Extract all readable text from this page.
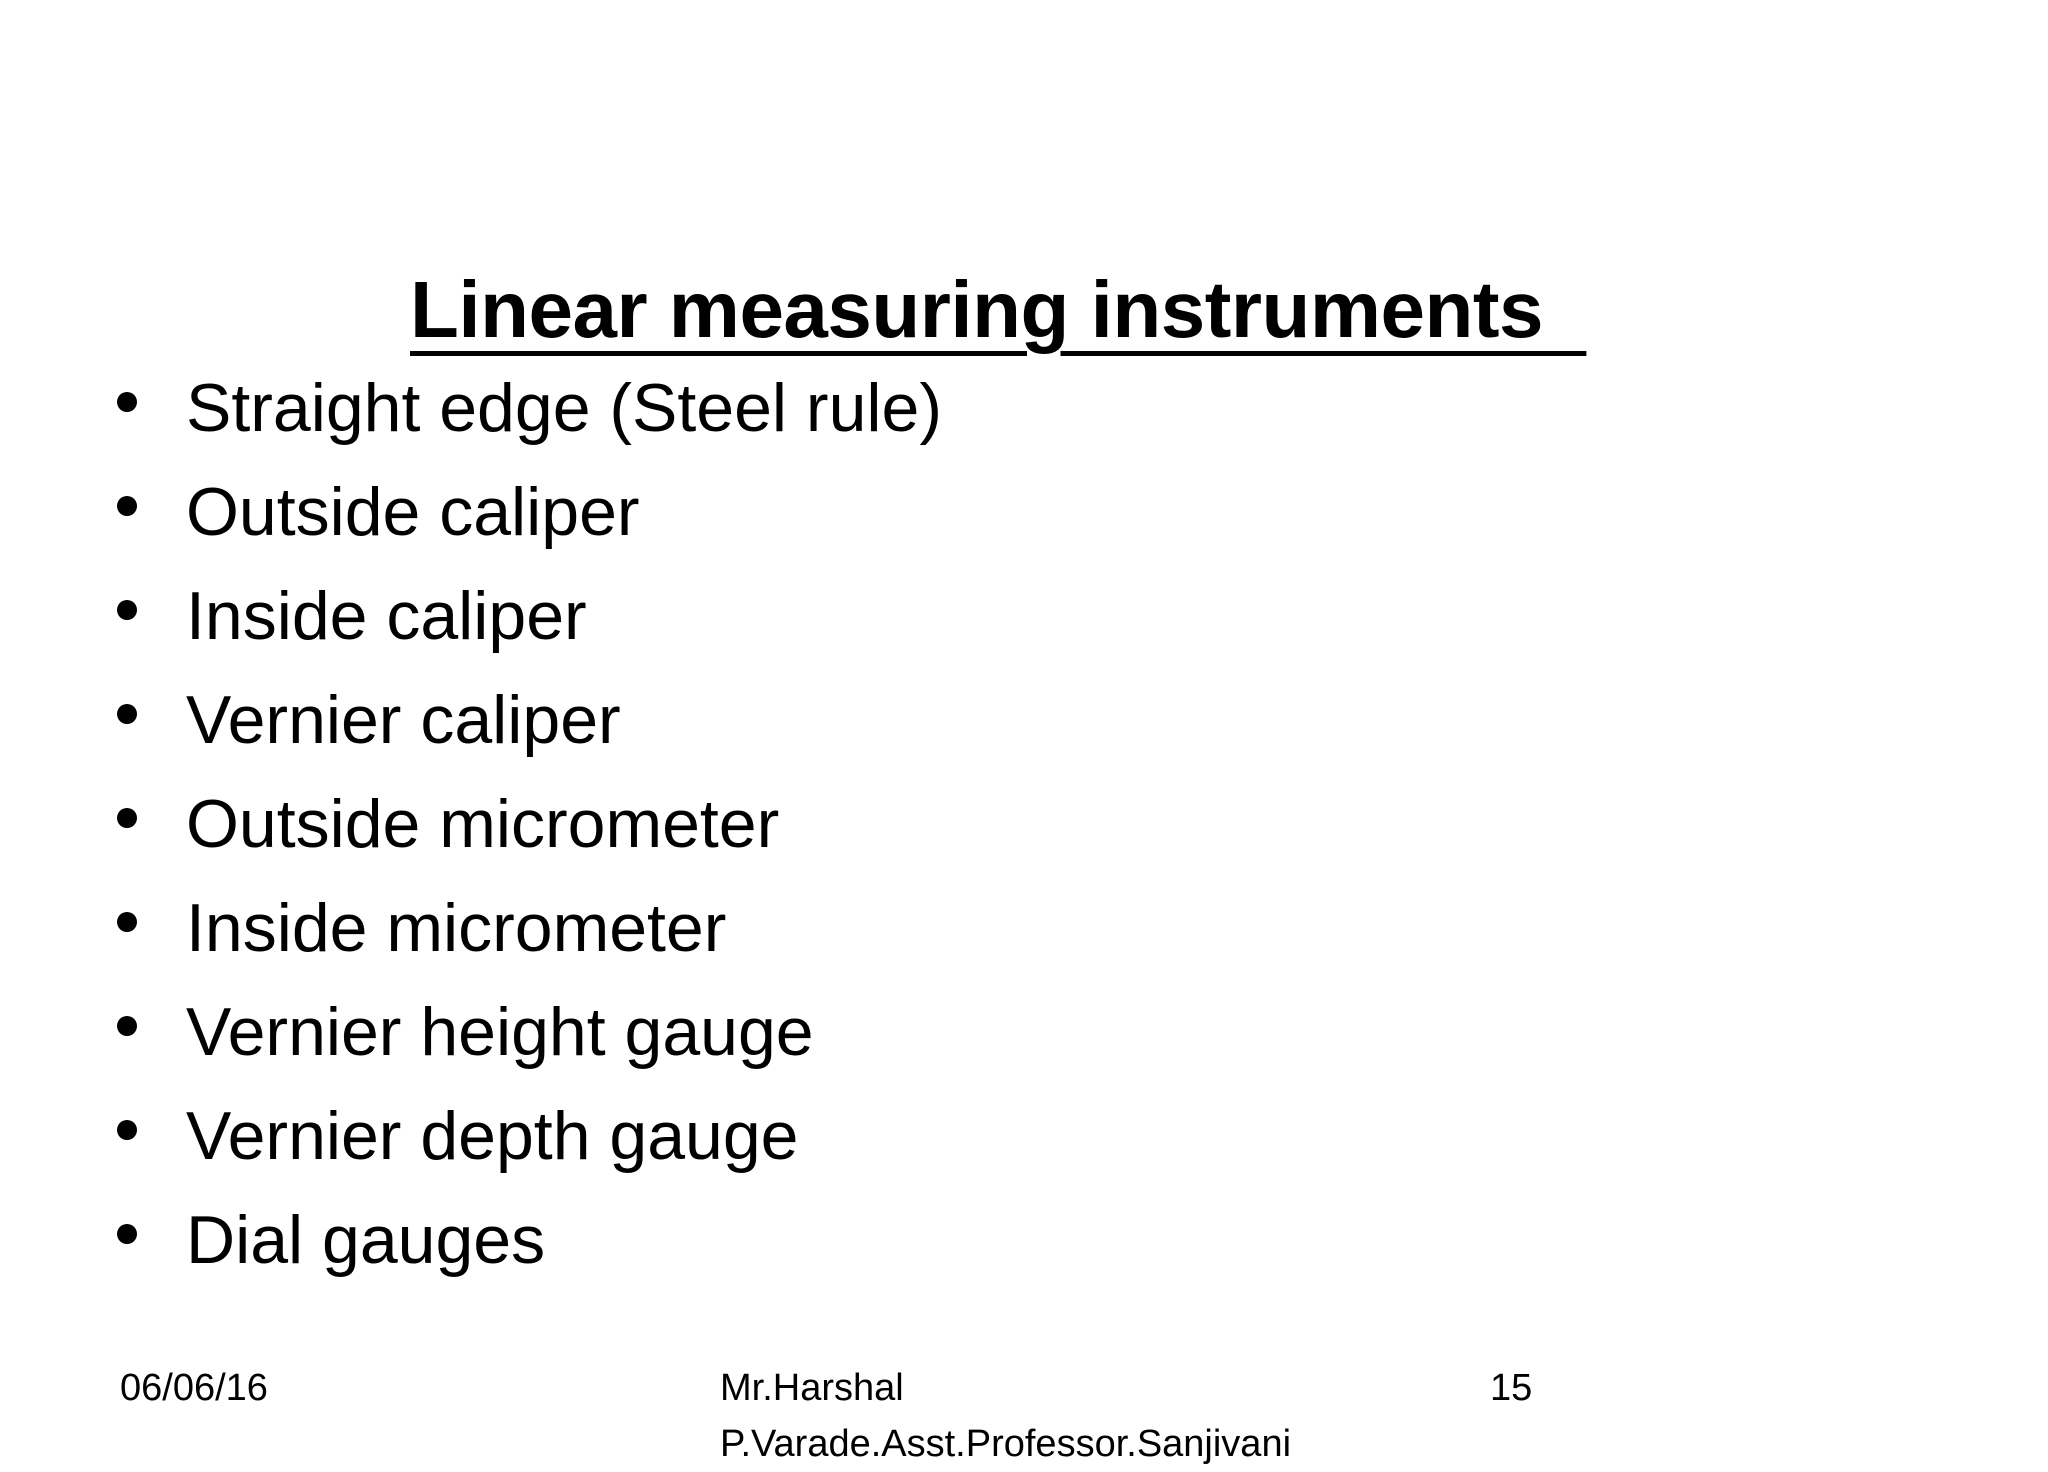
Linear measuring instruments
Straight edge (Steel rule)
Outside caliper
Inside caliper
Vernier caliper
Outside micrometer
Inside micrometer
Vernier height gauge
Vernier depth gauge
Dial gauges
06/06/16	Mr.Harshal
P.Varade.Asst.Professor.Sanjivani
15
